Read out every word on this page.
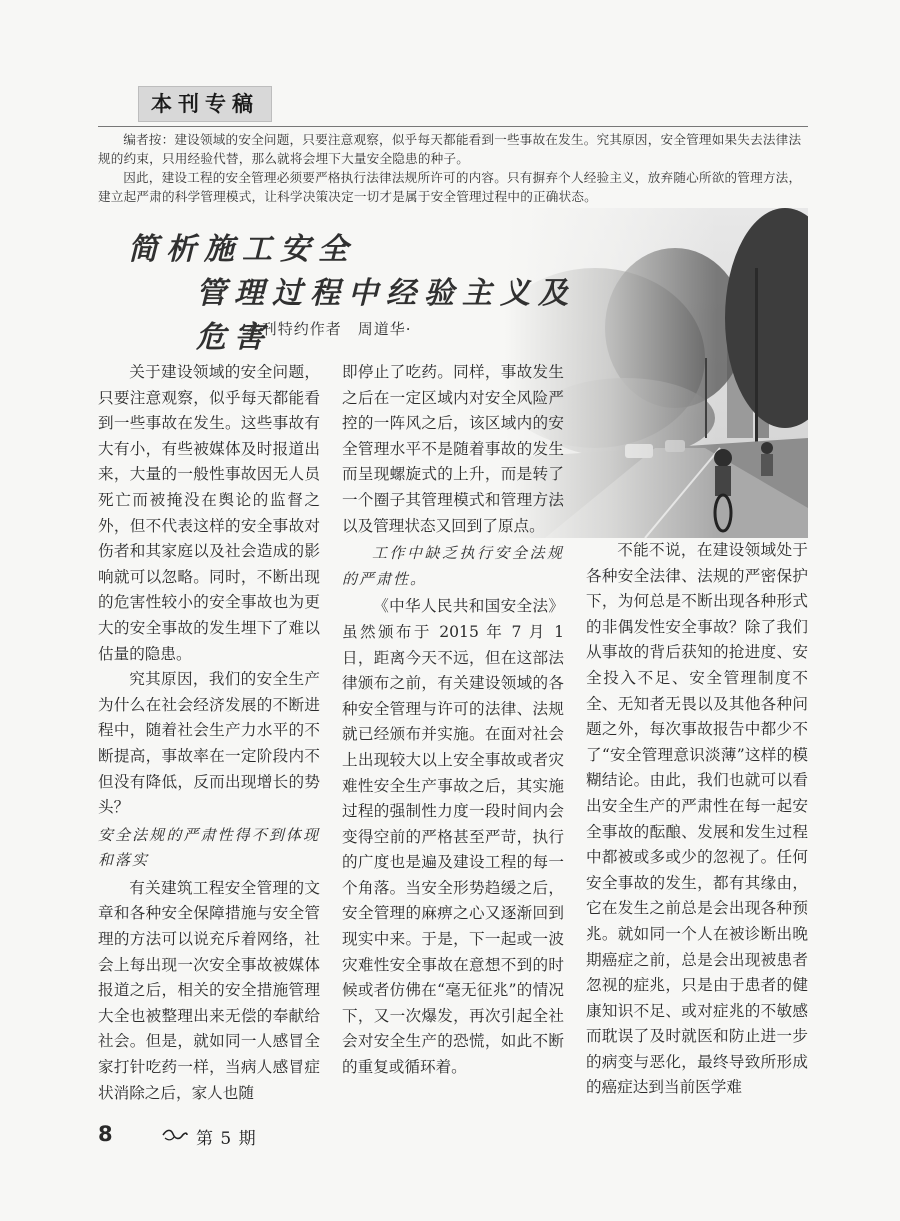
本刊专稿

编者按：建设领域的安全问题，只要注意观察，似乎每天都能看到一些事故在发生。究其原因，安全管理如果失去法律法规的约束，只用经验代替，那么就将会埋下大量安全隐患的种子。

因此，建设工程的安全管理必须要严格执行法律法规所许可的内容。只有摒弃个人经验主义，放弃随心所欲的管理方法，建立起严肃的科学管理模式，让科学决策决定一切才是属于安全管理过程中的正确状态。

简析施工安全
管理过程中经验主义及危害
·本刊特约作者　周道华·

关于建设领域的安全问题，只要注意观察，似乎每天都能看到一些事故在发生。这些事故有大有小，有些被媒体及时报道出来，大量的一般性事故因无人员死亡而被掩没在舆论的监督之外，但不代表这样的安全事故对伤者和其家庭以及社会造成的影响就可以忽略。同时，不断出现的危害性较小的安全事故也为更大的安全事故的发生埋下了难以估量的隐患。

究其原因，我们的安全生产为什么在社会经济发展的不断进程中，随着社会生产力水平的不断提高，事故率在一定阶段内不但没有降低，反而出现增长的势头？

安全法规的严肃性得不到体现和落实

有关建筑工程安全管理的文章和各种安全保障措施与安全管理的方法可以说充斥着网络，社会上每出现一次安全事故被媒体报道之后，相关的安全措施管理大全也被整理出来无偿的奉献给社会。但是，就如同一人感冒全家打针吃药一样，当病人感冒症状消除之后，家人也随

即停止了吃药。同样，事故发生之后在一定区域内对安全风险严控的一阵风之后，该区域内的安全管理水平不是随着事故的发生而呈现螺旋式的上升，而是转了一个圈子其管理模式和管理方法以及管理状态又回到了原点。

工作中缺乏执行安全法规的严肃性。

《中华人民共和国安全法》虽然颁布于 2015 年 7 月 1 日，距离今天不远，但在这部法律颁布之前，有关建设领域的各种安全管理与许可的法律、法规就已经颁布并实施。在面对社会上出现较大以上安全事故或者灾难性安全生产事故之后，其实施过程的强制性力度一段时间内会变得空前的严格甚至严苛，执行的广度也是遍及建设工程的每一个角落。当安全形势趋缓之后，安全管理的麻痹之心又逐渐回到现实中来。于是，下一起或一波灾难性安全事故在意想不到的时候或者仿佛在“毫无征兆”的情况下，又一次爆发，再次引起全社会对安全生产的恐慌，如此不断的重复或循环着。

不能不说，在建设领域处于各种安全法律、法规的严密保护下，为何总是不断出现各种形式的非偶发性安全事故？除了我们从事故的背后获知的抢进度、安全投入不足、安全管理制度不全、无知者无畏以及其他各种问题之外，每次事故报告中都少不了“安全管理意识淡薄”这样的模糊结论。由此，我们也就可以看出安全生产的严肃性在每一起安全事故的酝酿、发展和发生过程中都被或多或少的忽视了。任何安全事故的发生，都有其缘由，它在发生之前总是会出现各种预兆。就如同一个人在被诊断出晚期癌症之前，总是会出现被患者忽视的症兆，只是由于患者的健康知识不足、或对症兆的不敏感而耽误了及时就医和防止进一步的病变与恶化，最终导致所形成的癌症达到当前医学难

8	第 5 期
